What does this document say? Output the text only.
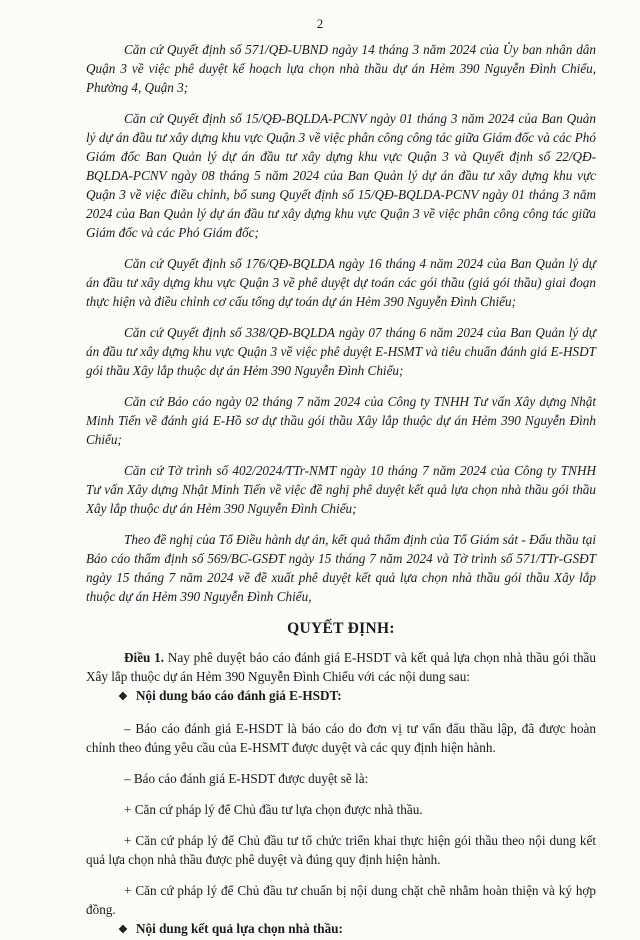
2

Căn cứ Quyết định số 571/QĐ-UBND ngày 14 tháng 3 năm 2024 của Ủy ban nhân dân Quận 3 về việc phê duyệt kế hoạch lựa chọn nhà thầu dự án Hẻm 390 Nguyễn Đình Chiểu, Phường 4, Quận 3;

Căn cứ Quyết định số 15/QĐ-BQLDA-PCNV ngày 01 tháng 3 năm 2024 của Ban Quản lý dự án đầu tư xây dựng khu vực Quận 3 về việc phân công công tác giữa Giám đốc và các Phó Giám đốc Ban Quản lý dự án đầu tư xây dựng khu vực Quận 3 và Quyết định số 22/QĐ-BQLDA-PCNV ngày 08 tháng 5 năm 2024 của Ban Quản lý dự án đầu tư xây dựng khu vực Quận 3 về việc điều chỉnh, bổ sung Quyết định số 15/QĐ-BQLDA-PCNV ngày 01 tháng 3 năm 2024 của Ban Quản lý dự án đầu tư xây dựng khu vực Quận 3 về việc phân công công tác giữa Giám đốc và các Phó Giám đốc;

Căn cứ Quyết định số 176/QĐ-BQLDA ngày 16 tháng 4 năm 2024 của Ban Quản lý dự án đầu tư xây dựng khu vực Quận 3 về phê duyệt dự toán các gói thầu (giá gói thầu) giai đoạn thực hiện và điều chỉnh cơ cấu tổng dự toán dự án Hẻm 390 Nguyễn Đình Chiểu;

Căn cứ Quyết định số 338/QĐ-BQLDA ngày 07 tháng 6 năm 2024 của Ban Quản lý dự án đầu tư xây dựng khu vực Quận 3 về việc phê duyệt E-HSMT và tiêu chuẩn đánh giá E-HSDT gói thầu Xây lắp thuộc dự án Hẻm 390 Nguyễn Đình Chiểu;

Căn cứ Báo cáo ngày 02 tháng 7 năm 2024 của Công ty TNHH Tư vấn Xây dựng Nhật Minh Tiến về đánh giá E-Hồ sơ dự thầu gói thầu Xây lắp thuộc dự án Hẻm 390 Nguyễn Đình Chiểu;

Căn cứ Tờ trình số 402/2024/TTr-NMT ngày 10 tháng 7 năm 2024 của Công ty TNHH Tư vấn Xây dựng Nhật Minh Tiến về việc đề nghị phê duyệt kết quả lựa chọn nhà thầu gói thầu Xây lắp thuộc dự án Hẻm 390 Nguyễn Đình Chiểu;

Theo đề nghị của Tổ Điều hành dự án, kết quả thẩm định của Tổ Giám sát - Đấu thầu tại Báo cáo thẩm định số 569/BC-GSĐT ngày 15 tháng 7 năm 2024 và Tờ trình số 571/TTr-GSĐT ngày 15 tháng 7 năm 2024 về đề xuất phê duyệt kết quả lựa chọn nhà thầu gói thầu Xây lắp thuộc dự án Hẻm 390 Nguyễn Đình Chiểu,

QUYẾT ĐỊNH:

Điều 1. Nay phê duyệt báo cáo đánh giá E-HSDT và kết quả lựa chọn nhà thầu gói thầu Xây lắp thuộc dự án Hẻm 390 Nguyễn Đình Chiểu với các nội dung sau:

❖ Nội dung báo cáo đánh giá E-HSDT:

– Báo cáo đánh giá E-HSDT là báo cáo do đơn vị tư vấn đấu thầu lập, đã được hoàn chỉnh theo đúng yêu cầu của E-HSMT được duyệt và các quy định hiện hành.

– Báo cáo đánh giá E-HSDT được duyệt sẽ là:

+ Căn cứ pháp lý để Chủ đầu tư lựa chọn được nhà thầu.

+ Căn cứ pháp lý để Chủ đầu tư tổ chức triển khai thực hiện gói thầu theo nội dung kết quả lựa chọn nhà thầu được phê duyệt và đúng quy định hiện hành.

+ Căn cứ pháp lý để Chủ đầu tư chuẩn bị nội dung chặt chẽ nhằm hoàn thiện và ký hợp đồng.

❖ Nội dung kết quả lựa chọn nhà thầu:
